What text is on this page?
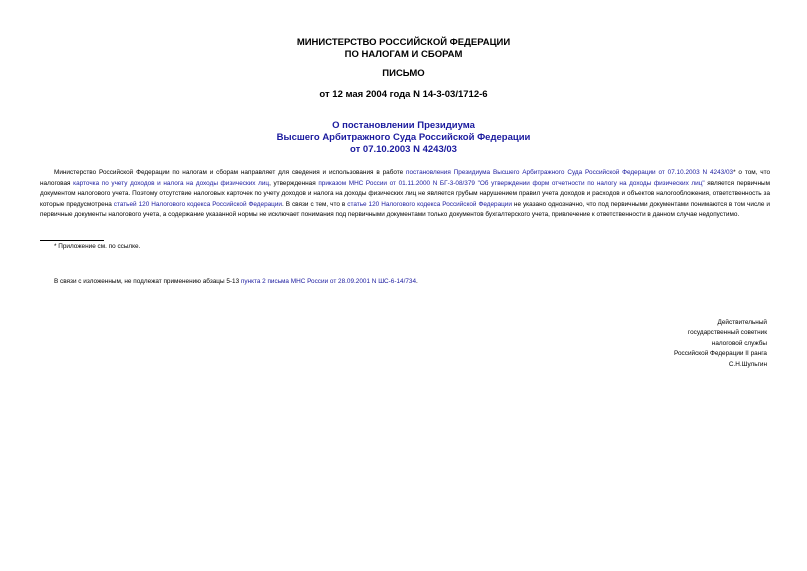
МИНИСТЕРСТВО РОССИЙСКОЙ ФЕДЕРАЦИИ
ПО НАЛОГАМ И СБОРАМ
ПИСЬМО
от 12 мая 2004 года N 14-3-03/1712-6
О постановлении Президиума
Высшего Арбитражного Суда Российской Федерации
от 07.10.2003 N 4243/03
Министерство Российской Федерации по налогам и сборам направляет для сведения и использования в работе постановления Президиума Высшего Арбитражного Суда Российской Федерации от 07.10.2003 N 4243/03* о том, что налоговая карточка по учету доходов и налога на доходы физических лиц, утвержденная приказом МНС России от 01.11.2000 N БГ-3-08/379 "Об утверждении форм отчетности по налогу на доходы физических лиц" является первичным документом налогового учета. Поэтому отсутствие налоговых карточек по учету доходов и налога на доходы физических лиц не является грубым нарушением правил учета доходов и расходов и объектов налогообложения, ответственность за которые предусмотрена статьей 120 Налогового кодекса Российской Федерации. В связи с тем, что в статье 120 Налогового кодекса Российской Федерации не указано однозначно, что под первичными документами понимаются в том числе и первичные документы налогового учета, а содержание указанной нормы не исключает понимания под первичными документами только документов бухгалтерского учета, привлечение к ответственности в данном случае недопустимо.
* Приложение см. по ссылке.
В связи с изложенным, не подлежат применению абзацы 5-13 пункта 2 письма МНС России от 28.09.2001 N ШС-6-14/734.
Действительный
государственный советник
налоговой службы
Российской Федерации II ранга
С.Н.Шульгин
